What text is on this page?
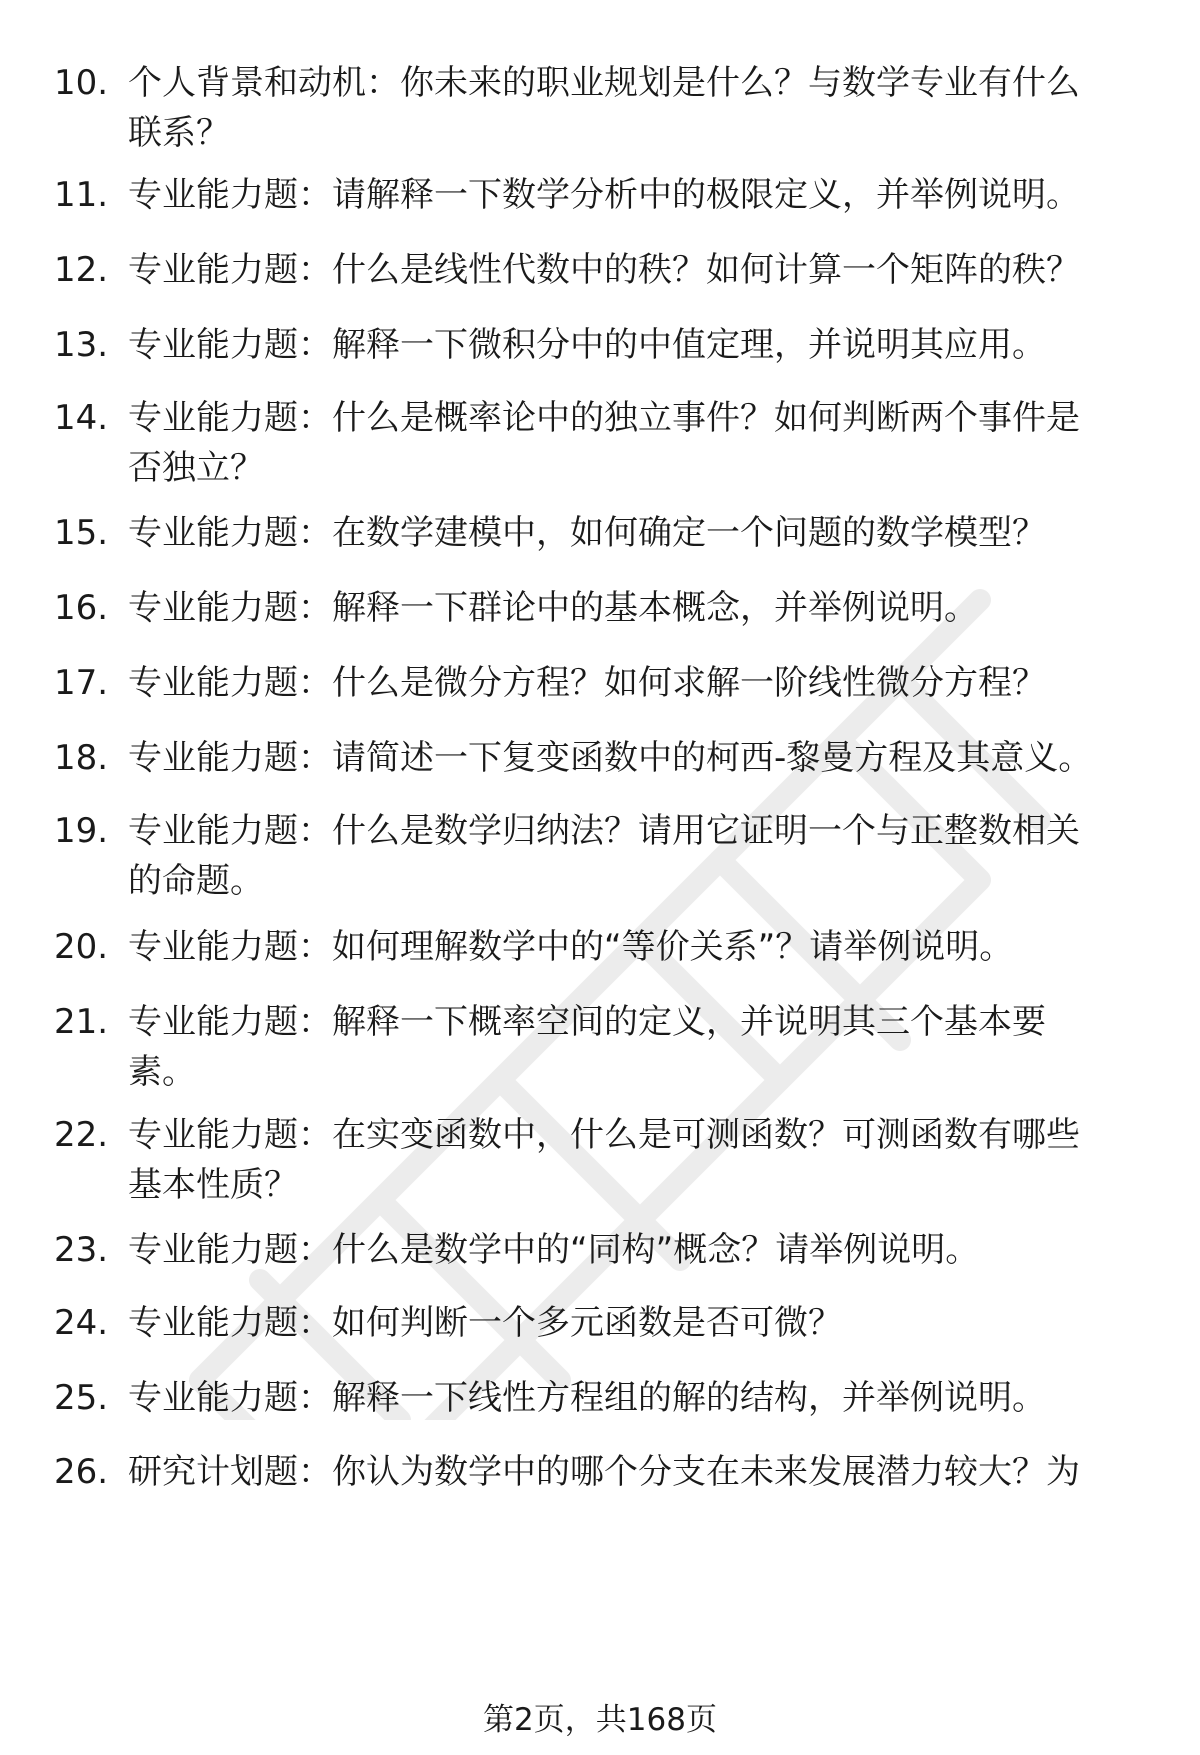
10. 个人背景和动机：你未来的职业规划是什么？与数学专业有什么
联系？
11. 专业能力题：请解释一下数学分析中的极限定义，并举例说明。
12. 专业能力题：什么是线性代数中的秩？如何计算一个矩阵的秩？
13. 专业能力题：解释一下微积分中的中值定理，并说明其应用。
14. 专业能力题：什么是概率论中的独立事件？如何判断两个事件是
否独立？
15. 专业能力题：在数学建模中，如何确定一个问题的数学模型？
16. 专业能力题：解释一下群论中的基本概念，并举例说明。
17. 专业能力题：什么是微分方程？如何求解一阶线性微分方程？
18. 专业能力题：请简述一下复变函数中的柯西-黎曼方程及其意义。
19. 专业能力题：什么是数学归纳法？请用它证明一个与正整数相关
的命题。
20. 专业能力题：如何理解数学中的“等价关系”？请举例说明。
21. 专业能力题：解释一下概率空间的定义，并说明其三个基本要
素。
22. 专业能力题：在实变函数中，什么是可测函数？可测函数有哪些
基本性质？
23. 专业能力题：什么是数学中的“同构”概念？请举例说明。
24. 专业能力题：如何判断一个多元函数是否可微？
25. 专业能力题：解释一下线性方程组的解的结构，并举例说明。
26. 研究计划题：你认为数学中的哪个分支在未来发展潜力较大？为
第2页，共168页
